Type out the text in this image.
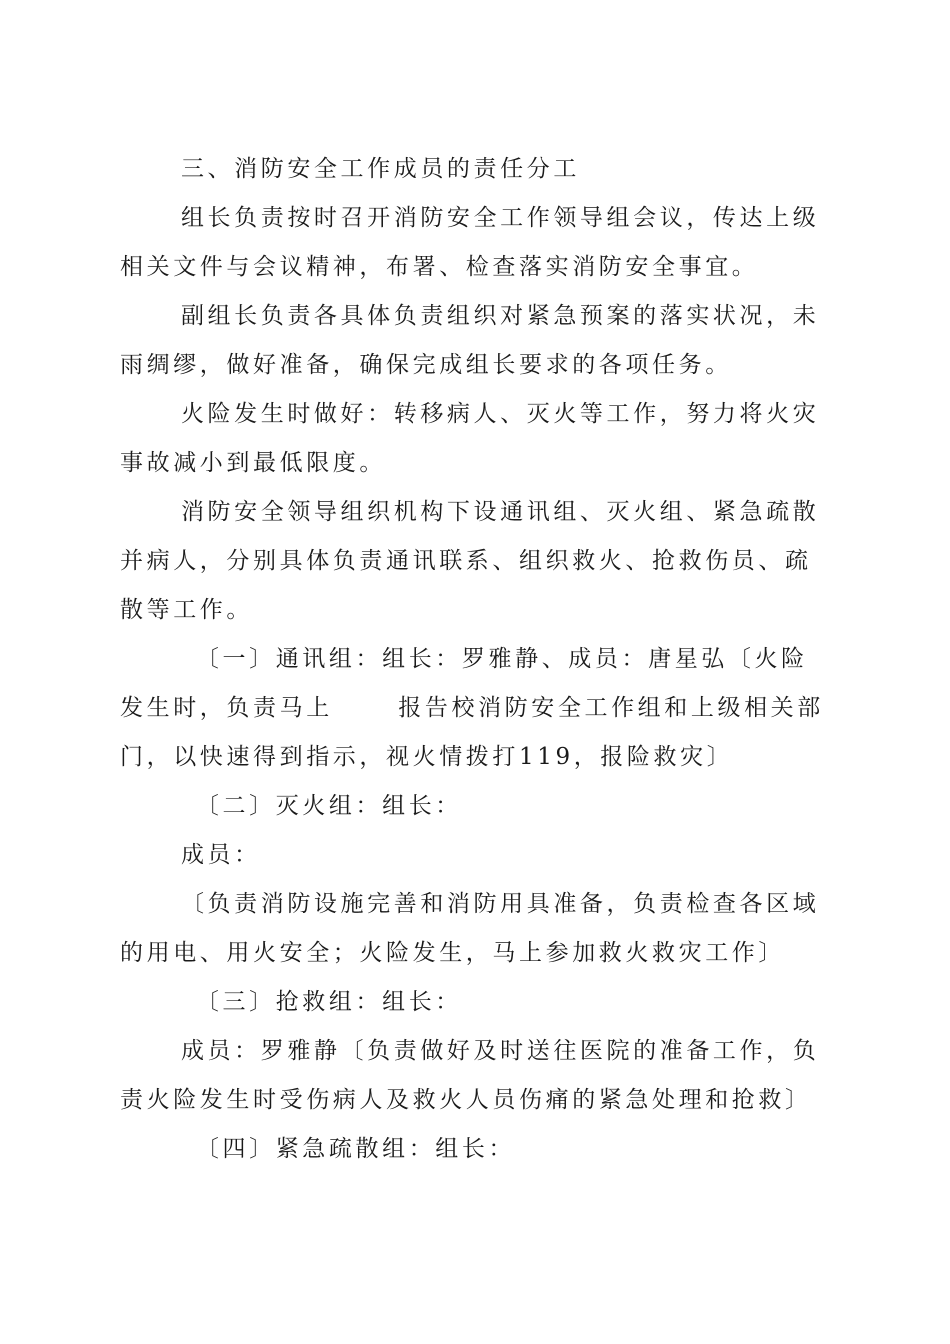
三、消防安全工作成员的责任分工

组长负责按时召开消防安全工作领导组会议，传达上级相关文件与会议精神，布署、检查落实消防安全事宜。

副组长负责各具体负责组织对紧急预案的落实状况，未雨绸缪，做好准备，确保完成组长要求的各项任务。

火险发生时做好：转移病人、灭火等工作，努力将火灾事故减小到最低限度。

消防安全领导组织机构下设通讯组、灭火组、紧急疏散并病人，分别具体负责通讯联系、组织救火、抢救伤员、疏散等工作。

〔一〕通讯组：组长：罗雅静、成员：唐星弘〔火险发生时，负责马上      报告校消防安全工作组和上级相关部门，以快速得到指示，视火情拨打119，报险救灾〕

〔二〕灭火组：组长：

成员：

〔负责消防设施完善和消防用具准备，负责检查各区域的用电、用火安全；火险发生，马上参加救火救灾工作〕

〔三〕抢救组：组长：

成员：罗雅静〔负责做好及时送往医院的准备工作，负责火险发生时受伤病人及救火人员伤痛的紧急处理和抢救〕

〔四〕紧急疏散组：组长：
